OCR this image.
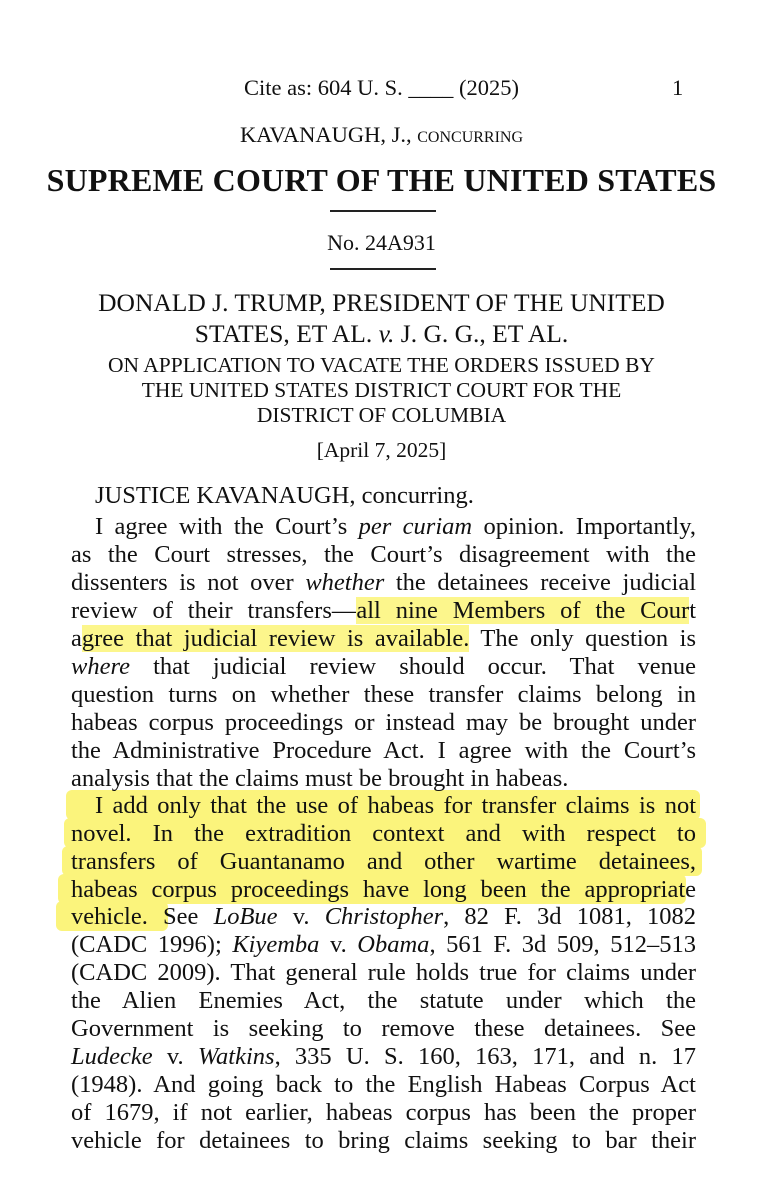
Cite as: 604 U. S. ____ (2025)	1
KAVANAUGH, J., concurring
SUPREME COURT OF THE UNITED STATES
No. 24A931
DONALD J. TRUMP, PRESIDENT OF THE UNITED
STATES, ET AL. v. J. G. G., ET AL.
ON APPLICATION TO VACATE THE ORDERS ISSUED BY
THE UNITED STATES DISTRICT COURT FOR THE
DISTRICT OF COLUMBIA
[April 7, 2025]
JUSTICE KAVANAUGH, concurring.
I agree with the Court’s per curiam opinion. Importantly,
as the Court stresses, the Court’s disagreement with the
dissenters is not over whether the detainees receive judicial
review of their transfers—all nine Members of the Court
agree that judicial review is available. The only question is
where that judicial review should occur. That venue
question turns on whether these transfer claims belong in
habeas corpus proceedings or instead may be brought under
the Administrative Procedure Act. I agree with the Court’s
analysis that the claims must be brought in habeas.
I add only that the use of habeas for transfer claims is not
novel. In the extradition context and with respect to
transfers of Guantanamo and other wartime detainees,
habeas corpus proceedings have long been the appropriate
vehicle. See LoBue v. Christopher, 82 F. 3d 1081, 1082
(CADC 1996); Kiyemba v. Obama, 561 F. 3d 509, 512–513
(CADC 2009). That general rule holds true for claims under
the Alien Enemies Act, the statute under which the
Government is seeking to remove these detainees. See
Ludecke v. Watkins, 335 U. S. 160, 163, 171, and n. 17
(1948). And going back to the English Habeas Corpus Act
of 1679, if not earlier, habeas corpus has been the proper
vehicle for detainees to bring claims seeking to bar their
